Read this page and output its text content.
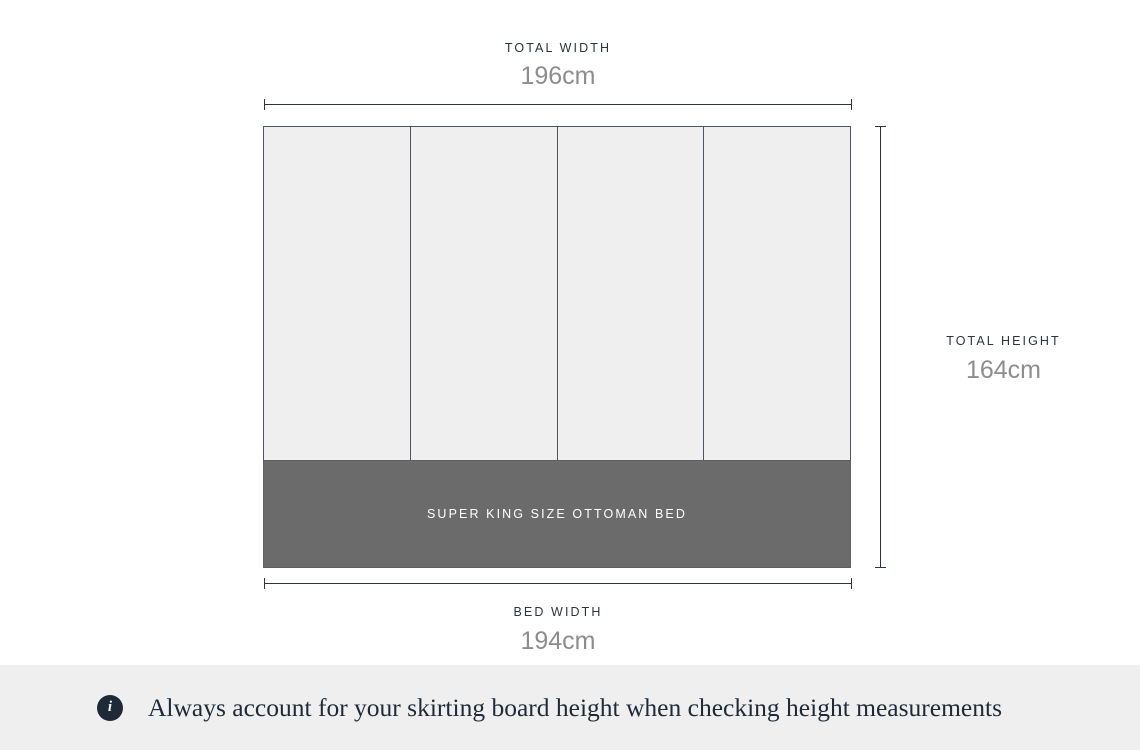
TOTAL WIDTH
196cm
SUPER KING SIZE OTTOMAN BED
TOTAL HEIGHT
164cm
BED WIDTH
194cm
i	Always account for your skirting board height when checking height measurements
